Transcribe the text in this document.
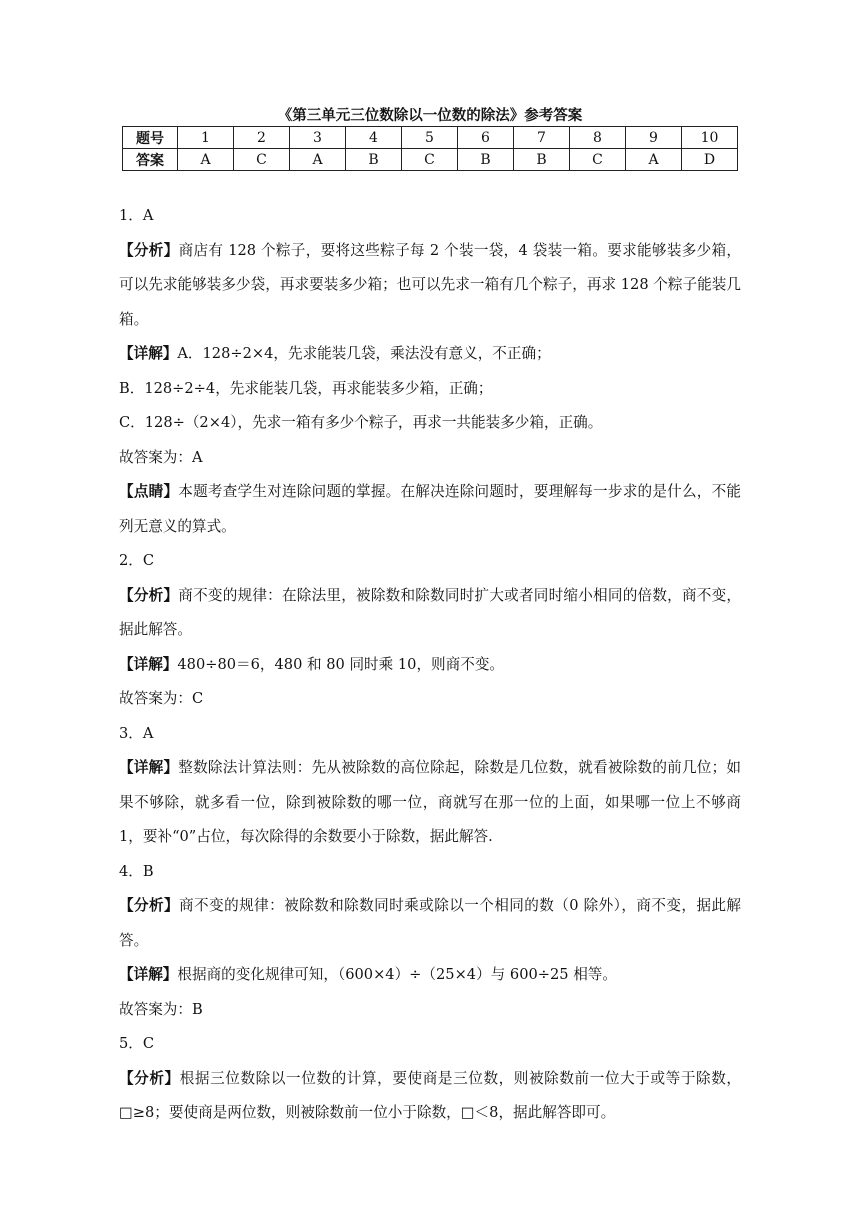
《第三单元三位数除以一位数的除法》参考答案
题号	1	2	3	4	5	6	7	8	9	10
答案	A	C	A	B	C	B	B	C	A	D

1．A

【分析】商店有 128 个粽子，要将这些粽子每 2 个装一袋，4 袋装一箱。要求能够装多少箱，可以先求能够装多少袋，再求要装多少箱；也可以先求一箱有几个粽子，再求 128 个粽子能装几箱。

【详解】A．128÷2×4，先求能装几袋，乘法没有意义，不正确；

B．128÷2÷4，先求能装几袋，再求能装多少箱，正确；

C．128÷（2×4），先求一箱有多少个粽子，再求一共能装多少箱，正确。

故答案为：A

【点睛】本题考查学生对连除问题的掌握。在解决连除问题时，要理解每一步求的是什么，不能列无意义的算式。

2．C

【分析】商不变的规律：在除法里，被除数和除数同时扩大或者同时缩小相同的倍数，商不变，据此解答。

【详解】480÷80＝6，480 和 80 同时乘 10，则商不变。

故答案为：C

3．A

【详解】整数除法计算法则：先从被除数的高位除起，除数是几位数，就看被除数的前几位；如果不够除，就多看一位，除到被除数的哪一位，商就写在那一位的上面，如果哪一位上不够商 1，要补“0”占位，每次除得的余数要小于除数，据此解答.

4．B

【分析】商不变的规律：被除数和除数同时乘或除以一个相同的数（0 除外），商不变，据此解答。

【详解】根据商的变化规律可知，（600×4）÷（25×4）与 600÷25 相等。

故答案为：B

5．C

【分析】根据三位数除以一位数的计算，要使商是三位数，则被除数前一位大于或等于除数，□≥8；要使商是两位数，则被除数前一位小于除数，□＜8，据此解答即可。
